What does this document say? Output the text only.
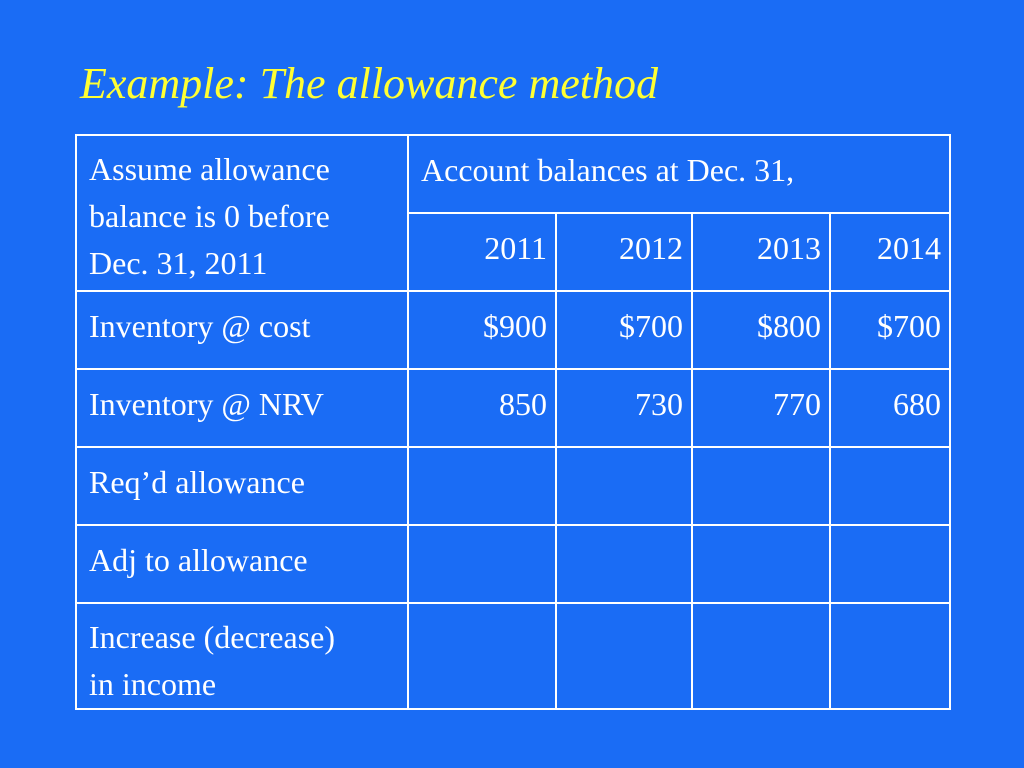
Example: The allowance method
Assume allowance
balance is 0 before
Dec. 31, 2011	Account balances at Dec. 31,			
	2011	2012	2013	2014
Inventory @ cost	$900	$700	$800	$700
Inventory @ NRV	850	730	770	680
Req’d allowance				
Adj to allowance				

Increase (decrease)
in income				
